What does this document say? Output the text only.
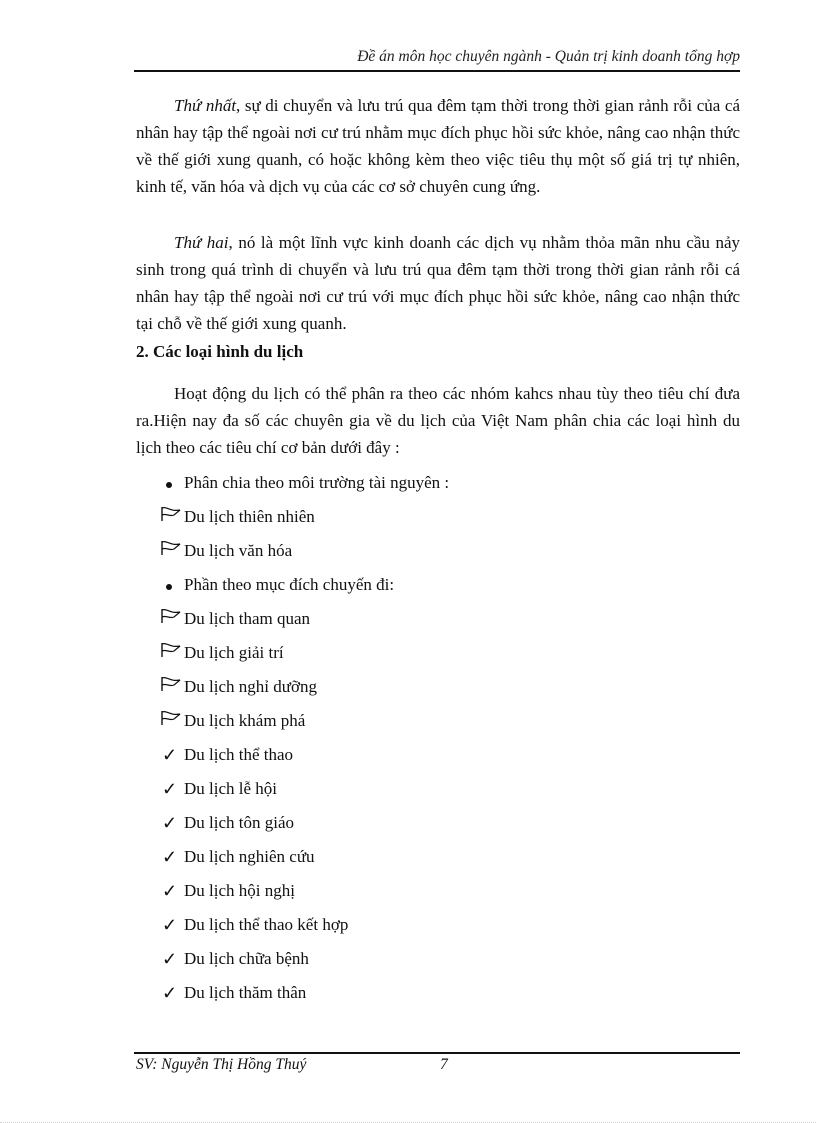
Đề án môn học chuyên ngành - Quản trị kinh doanh tổng hợp

Thứ nhất, sự di chuyển và lưu trú qua đêm tạm thời trong thời gian rảnh rỗi của cá nhân hay tập thể ngoài nơi cư trú nhằm mục đích phục hồi sức khỏe, nâng cao nhận thức về thế giới xung quanh, có hoặc không kèm theo việc tiêu thụ một số giá trị tự nhiên, kinh tế, văn hóa và dịch vụ của các cơ sở chuyên cung ứng.

Thứ hai, nó là một lĩnh vực kinh doanh các dịch vụ nhằm thỏa mãn nhu cầu nảy sinh trong quá trình di chuyển và lưu trú qua đêm tạm thời trong thời gian rảnh rỗi cá nhân hay tập thể ngoài nơi cư trú với mục đích phục hồi sức khỏe, nâng cao nhận thức tại chỗ về thế giới xung quanh.

2. Các loại hình du lịch

Hoạt động du lịch có thể phân ra theo các nhóm kahcs nhau tùy theo tiêu chí đưa ra.Hiện nay đa số các chuyên gia về du lịch của Việt Nam phân chia các loại hình du lịch theo các tiêu chí cơ bản dưới đây :

Phân chia theo môi trường tài nguyên :
Du lịch thiên nhiên
Du lịch văn hóa
Phần theo mục đích chuyến đi:
Du lịch tham quan
Du lịch giải trí
Du lịch nghỉ dưỡng
Du lịch khám phá
✓ Du lịch thể thao
✓ Du lịch lễ hội
✓ Du lịch tôn giáo
✓ Du lịch nghiên cứu
✓ Du lịch hội nghị
✓ Du lịch thể thao kết hợp
✓ Du lịch chữa bệnh
✓ Du lịch thăm thân
SV: Nguyễn Thị Hồng Thuý	7
